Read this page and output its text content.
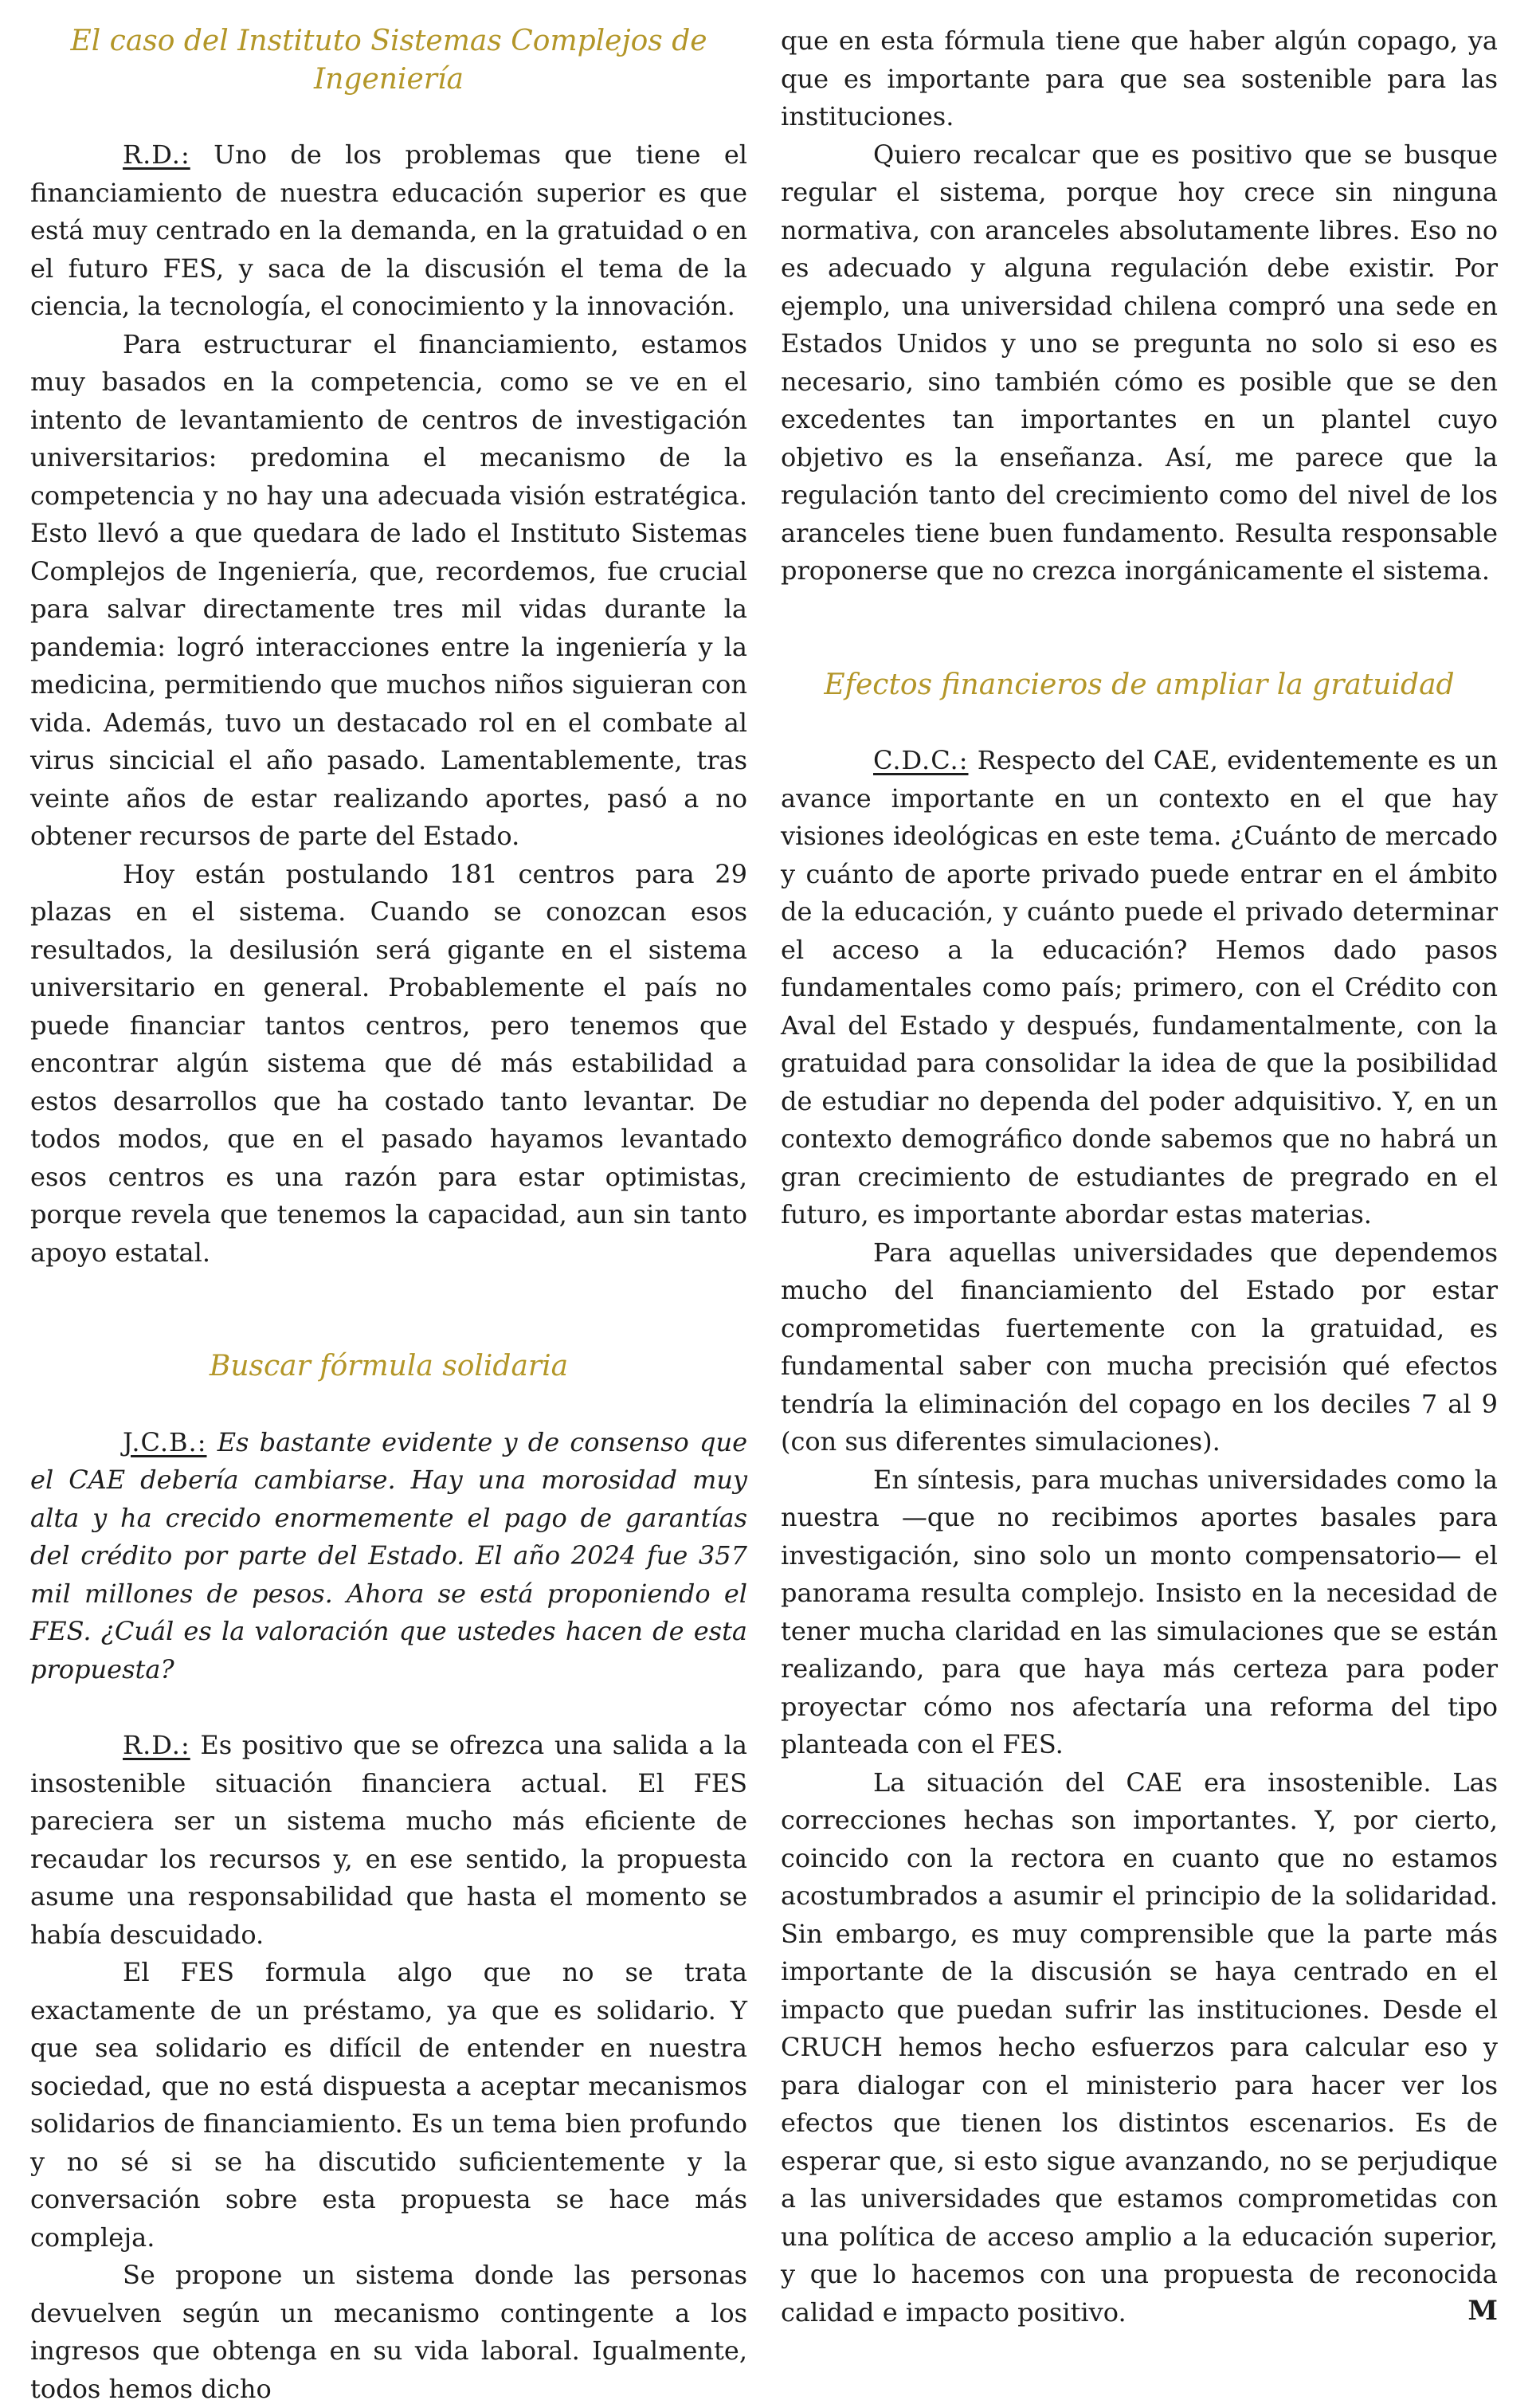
El caso del Instituto Sistemas Complejos de Ingeniería

R.D.: Uno de los problemas que tiene el financiamiento de nuestra educación superior es que está muy centrado en la demanda, en la gratuidad o en el futuro FES, y saca de la discusión el tema de la ciencia, la tecnología, el conocimiento y la innovación.

Para estructurar el financiamiento, estamos muy basados en la competencia, como se ve en el intento de levantamiento de centros de investigación universitarios: predomina el mecanismo de la competencia y no hay una adecuada visión estratégica. Esto llevó a que quedara de lado el Instituto Sistemas Complejos de Ingeniería, que, recordemos, fue crucial para salvar directamente tres mil vidas durante la pandemia: logró interacciones entre la ingeniería y la medicina, permitiendo que muchos niños siguieran con vida. Además, tuvo un destacado rol en el combate al virus sincicial el año pasado. Lamentablemente, tras veinte años de estar realizando aportes, pasó a no obtener recursos de parte del Estado.

Hoy están postulando 181 centros para 29 plazas en el sistema. Cuando se conozcan esos resultados, la desilusión será gigante en el sistema universitario en general. Probablemente el país no puede financiar tantos centros, pero tenemos que encontrar algún sistema que dé más estabilidad a estos desarrollos que ha costado tanto levantar. De todos modos, que en el pasado hayamos levantado esos centros es una razón para estar optimistas, porque revela que tenemos la capacidad, aun sin tanto apoyo estatal.

Buscar fórmula solidaria

J.C.B.: Es bastante evidente y de consenso que el CAE debería cambiarse. Hay una morosidad muy alta y ha crecido enormemente el pago de garantías del crédito por parte del Estado. El año 2024 fue 357 mil millones de pesos. Ahora se está proponiendo el FES. ¿Cuál es la valoración que ustedes hacen de esta propuesta?

R.D.: Es positivo que se ofrezca una salida a la insostenible situación financiera actual. El FES pareciera ser un sistema mucho más eficiente de recaudar los recursos y, en ese sentido, la propuesta asume una responsabilidad que hasta el momento se había descuidado.

El FES formula algo que no se trata exactamente de un préstamo, ya que es solidario. Y que sea solidario es difícil de entender en nuestra sociedad, que no está dispuesta a aceptar mecanismos solidarios de financiamiento. Es un tema bien profundo y no sé si se ha discutido suficientemente y la conversación sobre esta propuesta se hace más compleja.

Se propone un sistema donde las personas devuelven según un mecanismo contingente a los ingresos que obtenga en su vida laboral. Igualmente, todos hemos dicho

que en esta fórmula tiene que haber algún copago, ya que es importante para que sea sostenible para las instituciones.

Quiero recalcar que es positivo que se busque regular el sistema, porque hoy crece sin ninguna normativa, con aranceles absolutamente libres. Eso no es adecuado y alguna regulación debe existir. Por ejemplo, una universidad chilena compró una sede en Estados Unidos y uno se pregunta no solo si eso es necesario, sino también cómo es posible que se den excedentes tan importantes en un plantel cuyo objetivo es la enseñanza. Así, me parece que la regulación tanto del crecimiento como del nivel de los aranceles tiene buen fundamento. Resulta responsable proponerse que no crezca inorgánicamente el sistema.

Efectos financieros de ampliar la gratuidad

C.D.C.: Respecto del CAE, evidentemente es un avance importante en un contexto en el que hay visiones ideológicas en este tema. ¿Cuánto de mercado y cuánto de aporte privado puede entrar en el ámbito de la educación, y cuánto puede el privado determinar el acceso a la educación? Hemos dado pasos fundamentales como país; primero, con el Crédito con Aval del Estado y después, fundamentalmente, con la gratuidad para consolidar la idea de que la posibilidad de estudiar no dependa del poder adquisitivo. Y, en un contexto demográfico donde sabemos que no habrá un gran crecimiento de estudiantes de pregrado en el futuro, es importante abordar estas materias.

Para aquellas universidades que dependemos mucho del financiamiento del Estado por estar comprometidas fuertemente con la gratuidad, es fundamental saber con mucha precisión qué efectos tendría la eliminación del copago en los deciles 7 al 9 (con sus diferentes simulaciones).

En síntesis, para muchas universidades como la nuestra —que no recibimos aportes basales para investigación, sino solo un monto compensatorio— el panorama resulta complejo. Insisto en la necesidad de tener mucha claridad en las simulaciones que se están realizando, para que haya más certeza para poder proyectar cómo nos afectaría una reforma del tipo planteada con el FES.

La situación del CAE era insostenible. Las correcciones hechas son importantes. Y, por cierto, coincido con la rectora en cuanto que no estamos acostumbrados a asumir el principio de la solidaridad. Sin embargo, es muy comprensible que la parte más importante de la discusión se haya centrado en el impacto que puedan sufrir las instituciones. Desde el CRUCH hemos hecho esfuerzos para calcular eso y para dialogar con el ministerio para hacer ver los efectos que tienen los distintos escenarios. Es de esperar que, si esto sigue avanzando, no se perjudique a las universidades que estamos comprometidas con una política de acceso amplio a la educación superior, y que lo hacemos con una propuesta de reconocida calidad e impacto positivo.	M
